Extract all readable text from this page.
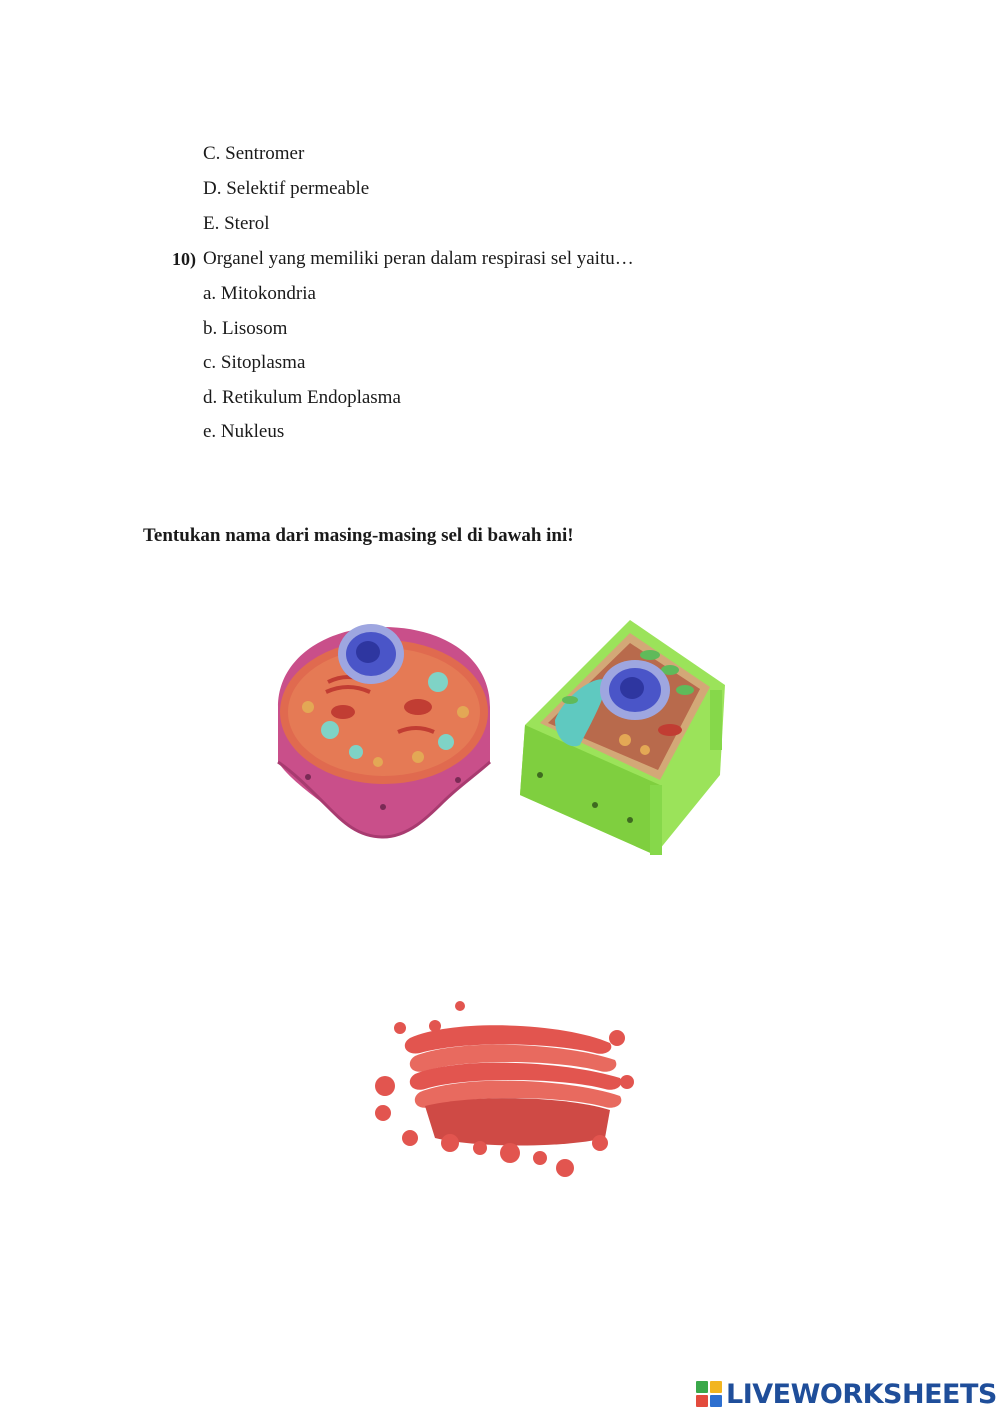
C. Sentromer
D. Selektif permeable
E. Sterol
10) Organel yang memiliki peran dalam respirasi sel yaitu…
a. Mitokondria
b. Lisosom
c. Sitoplasma
d. Retikulum Endoplasma
e. Nukleus
Tentukan nama dari masing-masing sel di bawah ini!
LIVEWORKSHEETS
